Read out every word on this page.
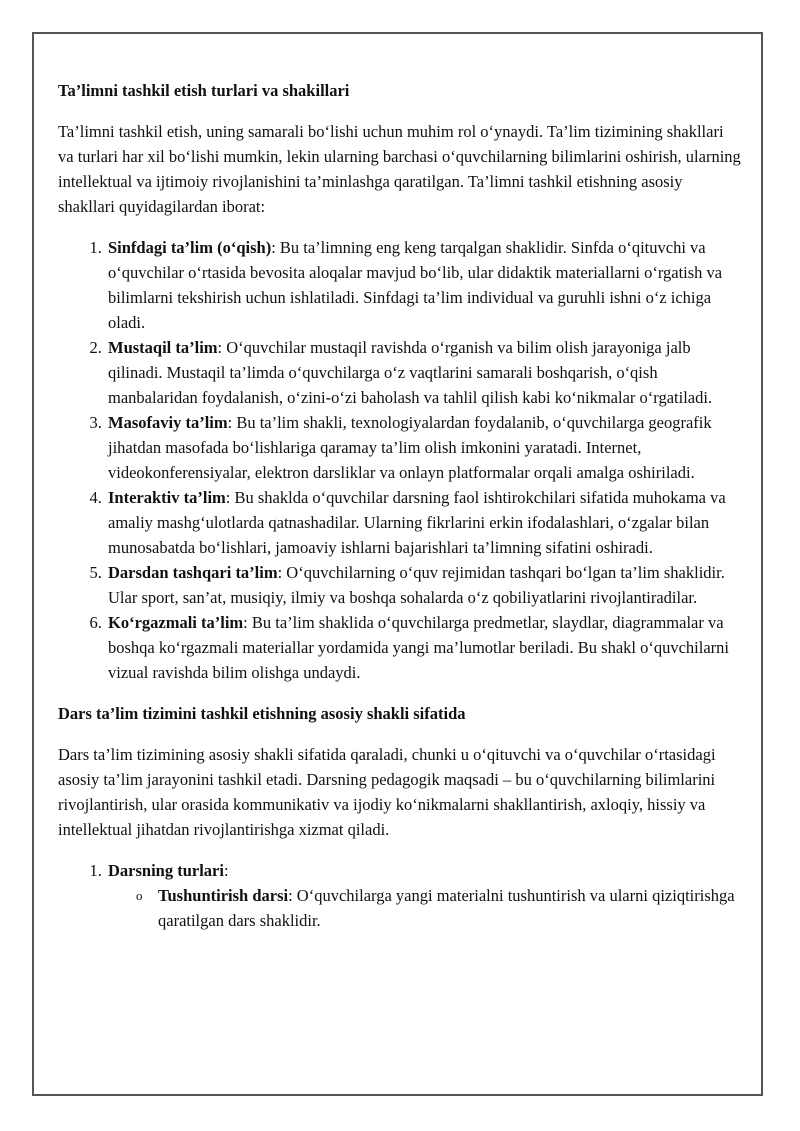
Ta’limni tashkil etish turlari va shakillari

Ta’limni tashkil etish, uning samarali bo‘lishi uchun muhim rol o‘ynaydi. Ta’lim tizimining shakllari va turlari har xil bo‘lishi mumkin, lekin ularning barchasi o‘quvchilarning bilimlarini oshirish, ularning intellektual va ijtimoiy rivojlanishini ta’minlashga qaratilgan. Ta’limni tashkil etishning asosiy shakllari quyidagilardan iborat:

1. Sinfdagi ta’lim (o‘qish): Bu ta’limning eng keng tarqalgan shaklidir. Sinfda o‘qituvchi va o‘quvchilar o‘rtasida bevosita aloqalar mavjud bo‘lib, ular didaktik materiallarni o‘rgatish va bilimlarni tekshirish uchun ishlatiladi. Sinfdagi ta’lim individual va guruhli ishni o‘z ichiga oladi.
2. Mustaqil ta’lim: O‘quvchilar mustaqil ravishda o‘rganish va bilim olish jarayoniga jalb qilinadi. Mustaqil ta’limda o‘quvchilarga o‘z vaqtlarini samarali boshqarish, o‘qish manbalaridan foydalanish, o‘zini-o‘zi baholash va tahlil qilish kabi ko‘nikmalar o‘rgatiladi.
3. Masofaviy ta’lim: Bu ta’lim shakli, texnologiyalardan foydalanib, o‘quvchilarga geografik jihatdan masofada bo‘lishlariga qaramay ta’lim olish imkonini yaratadi. Internet, videokonferensiyalar, elektron darsliklar va onlayn platformalar orqali amalga oshiriladi.
4. Interaktiv ta’lim: Bu shaklda o‘quvchilar darsning faol ishtirokchilari sifatida muhokama va amaliy mashg‘ulotlarda qatnashadilar. Ularning fikrlarini erkin ifodalashlari, o‘zgalar bilan munosabatda bo‘lishlari, jamoaviy ishlarni bajarishlari ta’limning sifatini oshiradi.
5. Darsdan tashqari ta’lim: O‘quvchilarning o‘quv rejimidan tashqari bo‘lgan ta’lim shaklidir. Ular sport, san’at, musiqiy, ilmiy va boshqa sohalarda o‘z qobiliyatlarini rivojlantiradilar.
6. Ko‘rgazmali ta’lim: Bu ta’lim shaklida o‘quvchilarga predmetlar, slaydlar, diagrammalar va boshqa ko‘rgazmali materiallar yordamida yangi ma’lumotlar beriladi. Bu shakl o‘quvchilarni vizual ravishda bilim olishga undaydi.
Dars ta’lim tizimini tashkil etishning asosiy shakli sifatida

Dars ta’lim tizimining asosiy shakli sifatida qaraladi, chunki u o‘qituvchi va o‘quvchilar o‘rtasidagi asosiy ta’lim jarayonini tashkil etadi. Darsning pedagogik maqsadi – bu o‘quvchilarning bilimlarini rivojlantirish, ular orasida kommunikativ va ijodiy ko‘nikmalarni shakllantirish, axloqiy, hissiy va intellektual jihatdan rivojlantirishga xizmat qiladi.

1. Darsning turlari:
o Tushuntirish darsi: O‘quvchilarga yangi materialni tushuntirish va ularni qiziqtirishga qaratilgan dars shaklidir.
